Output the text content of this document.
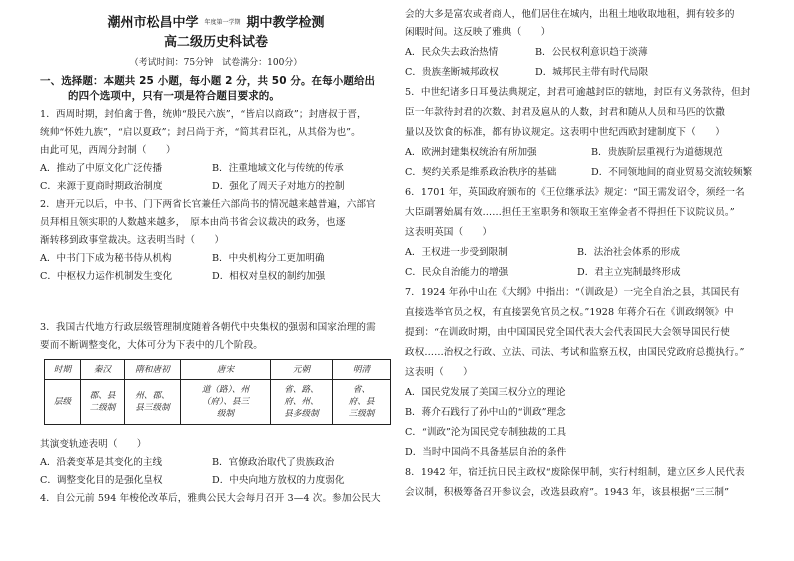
潮州市松昌中学 年度第一学期 期中教学检测
高二级历史科试卷
（考试时间：75分钟　试卷满分：100分）
一、选择题：本题共 25 小题，每小题 2 分，共 50 分。在每小题给出
的四个选项中，只有一项是符合题目要求的。
1．西周时期，封伯禽于鲁，统帅“殷民六族”，“皆启以商政”；封唐叔于晋，
统帅“怀姓九族”，“启以夏政”；封吕尚于齐，“简其君臣礼，从其俗为也”。
由此可见，西周分封制（　　）
A．推动了中原文化广泛传播	B．注重地域文化与传统的传承
C．来源于夏商时期政治制度	D．强化了周天子对地方的控制
2．唐开元以后，中书、门下两省长官兼任六部尚书的情况越来越普遍，六部官
员拜相且领实职的人数越来越多，　原本由尚书省会议裁决的政务，也逐
渐转移到政事堂裁决。这表明当时（　　）
A．中书门下成为秘书侍从机构	B．中央机构分工更加明确
C．中枢权力运作机制发生变化	D．相权对皇权的制约加强
3．我国古代地方行政层级管理制度随着各朝代中央集权的强弱和国家治理的需
要而不断调整变化，大体可分为下表中的几个阶段。
时期	秦汉	隋和唐初	唐宋	元朝	明清
层级	郡、县二级制	州、郡、县三级制	道（路）、州（府）、县三级制	省、路、府、州、县多级制	省、府、县三级制
其演变轨迹表明（　　）
A．沿袭变革是其变化的主线	B．官僚政治取代了贵族政治
C．调整变化目的是强化皇权	D．中央向地方放权的力度弱化
4．自公元前 594 年梭伦改革后，雅典公民大会每月召开 3—4 次。参加公民大
会的大多是富农或者商人，他们居住在城内，出租土地收取地租，拥有较多的
闲暇时间。这反映了雅典（　　）
A．民众失去政治热情	B．公民权利意识趋于淡薄
C．贵族垄断城邦政权	D．城邦民主带有时代局限
5．中世纪诸多日耳曼法典规定，封君可逾越封臣的辖地，封臣有义务款待，但封
臣一年款待封君的次数、封君及扈从的人数，封君和随从人员和马匹的饮撒
量以及饮食的标准，都有协议规定。这表明中世纪西欧封建制度下（　　）
A．欧洲封建集权统治有所加强	B．贵族阶层重视行为道德规范
C．契约关系是维系政治秩序的基础	D．不同领地间的商业贸易交流较频繁
6．1701 年，英国政府颁布的《王位继承法》规定：“国王需发诏令，须经一名
大臣副署始属有效……担任王室职务和领取王室俸金者不得担任下议院议员。”
这表明英国（　　）
A．王权进一步受到限制	B．法治社会体系的形成
C．民众自治能力的增强	D．君主立宪制最终形成
7．1924 年孙中山在《大纲》中指出：“（训政是）一完全自治之县，其国民有
直接选举官员之权，有直接罢免官员之权。”1928 年蒋介石在《训政纲领》中
提到：“在训政时期，由中国国民党全国代表大会代表国民大会领导国民行使
政权……治权之行政、立法、司法、考试和监察五权，由国民党政府总揽执行。”
这表明（　　）
A．国民党发展了美国三权分立的理论
B．蒋介石践行了孙中山的“训政”理念
C．“训政”沦为国民党专制独裁的工具
D．当时中国尚不具备基层自治的条件
8．1942 年，宿迁抗日民主政权“废除保甲制，实行村组制，建立区乡人民代表
会议制，积极筹备召开参议会，改选县政府”。1943 年，该县根据“三三制”
